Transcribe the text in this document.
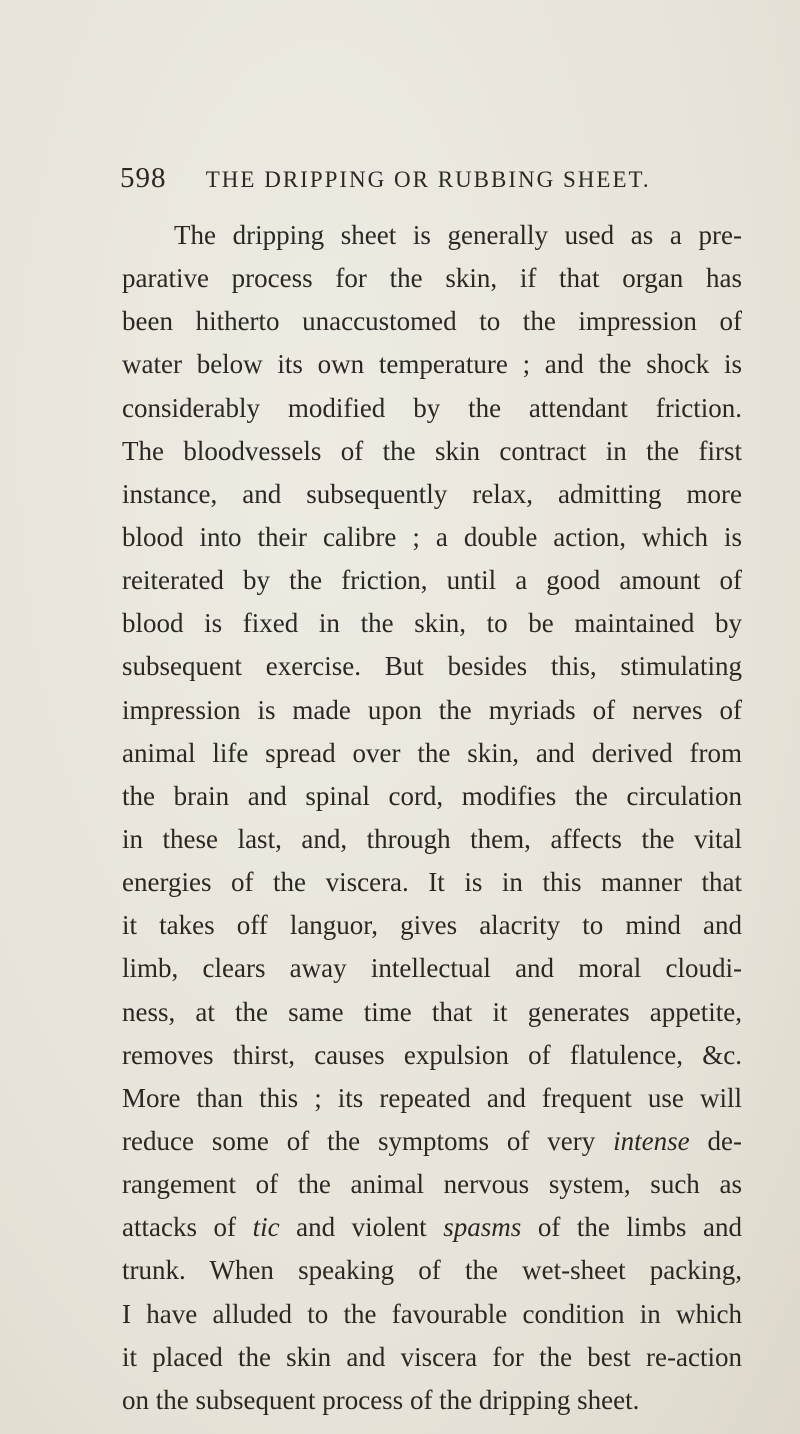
598 THE DRIPPING OR RUBBING SHEET.
The dripping sheet is generally used as a pre-
parative process for the skin, if that organ has
been hitherto unaccustomed to the impression of
water below its own temperature ; and the shock is
considerably modified by the attendant friction.
The bloodvessels of the skin contract in the first
instance, and subsequently relax, admitting more
blood into their calibre ; a double action, which is
reiterated by the friction, until a good amount of
blood is fixed in the skin, to be maintained by
subsequent exercise. But besides this, stimulating
impression is made upon the myriads of nerves of
animal life spread over the skin, and derived from
the brain and spinal cord, modifies the circulation
in these last, and, through them, affects the vital
energies of the viscera. It is in this manner that
it takes off languor, gives alacrity to mind and
limb, clears away intellectual and moral cloudi-
ness, at the same time that it generates appetite,
removes thirst, causes expulsion of flatulence, &c.
More than this ; its repeated and frequent use will
reduce some of the symptoms of very intense de-
rangement of the animal nervous system, such as
attacks of tic and violent spasms of the limbs and
trunk. When speaking of the wet-sheet packing,
I have alluded to the favourable condition in which
it placed the skin and viscera for the best re-action
on the subsequent process of the dripping sheet.
